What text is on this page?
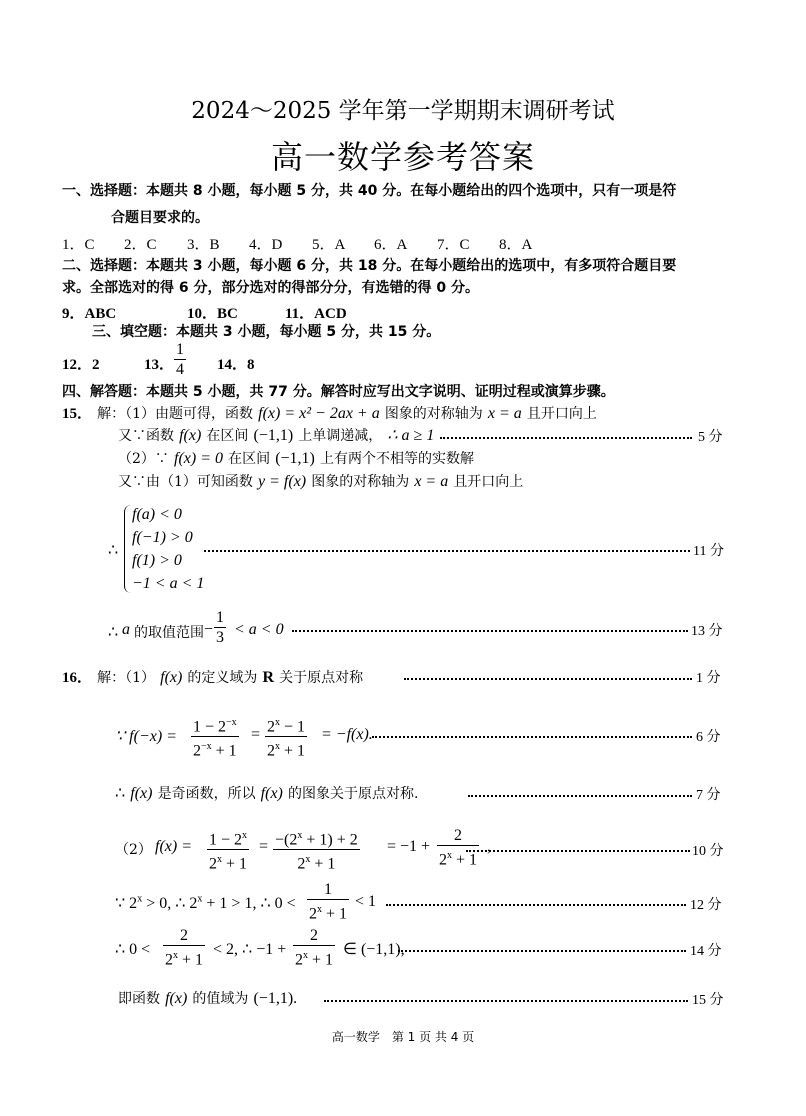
2024～2025 学年第一学期期末调研考试
高一数学参考答案
一、选择题：本题共 8 小题，每小题 5 分，共 40 分。在每小题给出的四个选项中，只有一项是符
合题目要求的。
1．C 2．C 3．B 4．D 5．A 6．A 7．C 8．A
二、选择题：本题共 3 小题，每小题 6 分，共 18 分。在每小题给出的选项中，有多项符合题目要
求。全部选对的得 6 分，部分选对的得部分分，有选错的得 0 分。
9．ABC	10．BC	11．ACD
三、填空题：本题共 3 小题，每小题 5 分，共 15 分。
12．2	13． $\frac{1}{4} 14$．8
四、解答题：本题共 5 小题，共 77 分。解答时应写出文字说明、证明过程或演算步骤。
15． 解：（1）由题可得，函数 f(x) = x² − 2ax + a 图象的对称轴为 x = a 且开口向上
又∵函数 f(x) 在区间 (−1,1) 上单调递减， ∴ a ≥ 1	5 分
（2）∵ f(x) = 0 在区间 (−1,1) 上有两个不相等的实数解
又∵由（1）可知函数 y = f(x) 图象的对称轴为 x = a 且开口向上
∴
f(a) < 0
f(−1) > 0
f(1) > 0
−1 < a < 1
11 分
∴ a 的取值范围 − $\frac{1}{3} < a < 0$	13 分
16． 解：（1） f(x) 的定义域为 R 关于原点对称	1 分
∵ $f(-x) = \frac{1 - 2^{-x}}{2^{-x} + 1} = \frac{2^x - 1}{2^x + 1} = -f(x)$.	6 分
∴ f(x) 是奇函数，所以 f(x) 的图象关于原点对称.	7 分
（2） $f(x) = \frac{1 - 2^x}{2^x + 1} = \frac{-(2^x + 1) + 2}{2^x + 1} = -1 + \frac{2}{2^x + 1}$ ,	10 分
∵ $2^x > 0$, ∴ $2^x + 1 > 1$, ∴ $0 < \frac{1}{2^x + 1} < 1$	12 分
∴ $0 < \frac{2}{2^x + 1} < 2$, ∴ $-1 + \frac{2}{2^x + 1}$ ∈ (−1,1),	14 分
即函数 f(x) 的值域为 (−1,1).	15 分
高一数学　第 1 页 共 4 页
